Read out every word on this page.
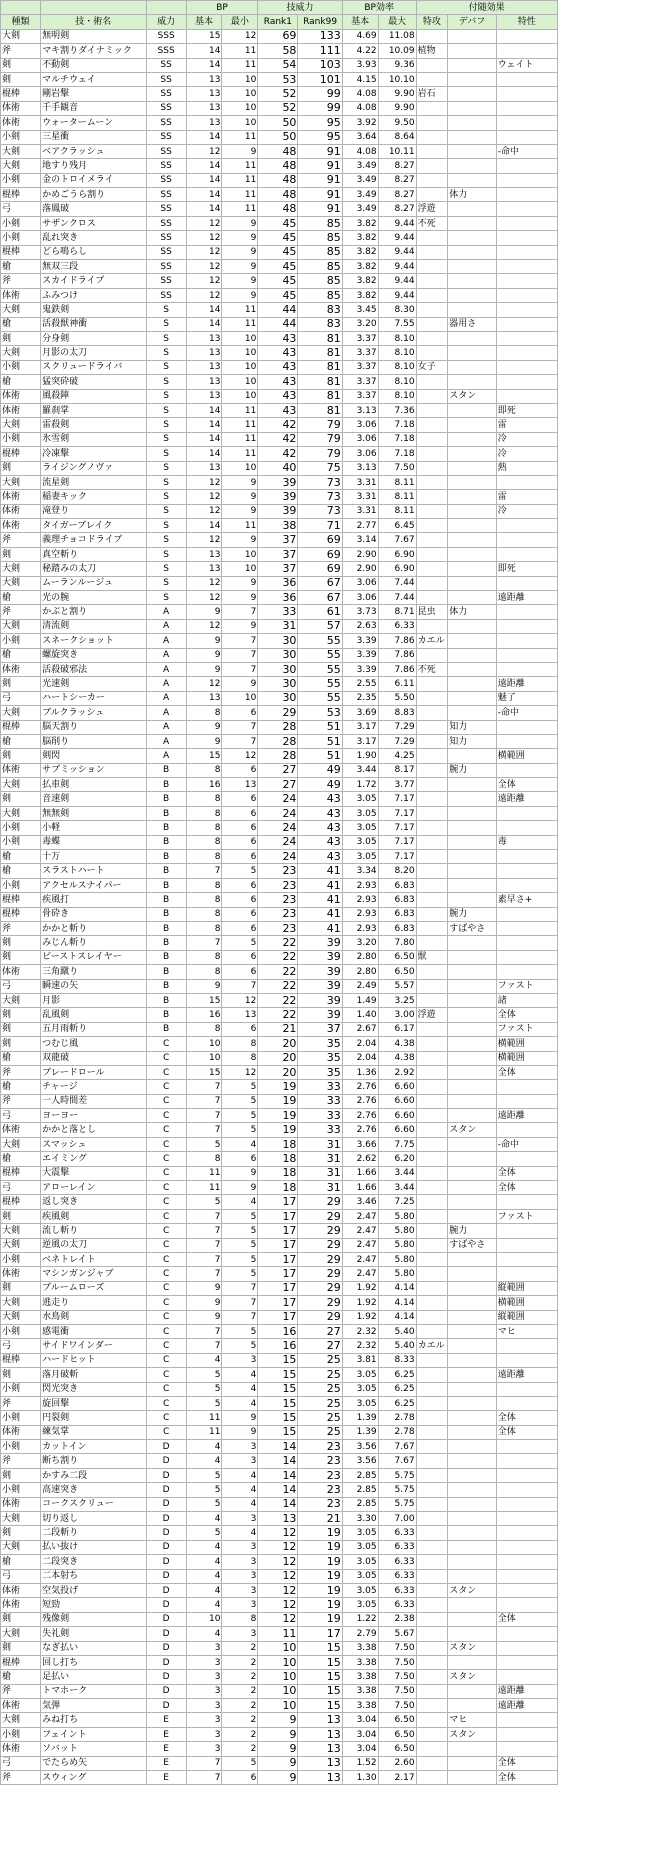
			BP		技威力		BP効率		付随効果		
種類	技・術名	威力	基本	最小	Rank1	Rank99	基本	最大	特攻	デバフ	特性
大剣	無明剣	SSS	15	12	69	133	4.69	11.08			
斧	マキ割りダイナミック	SSS	14	11	58	111	4.22	10.09	植物		
剣	不動剣	SS	14	11	54	103	3.93	9.36			ウェイト
剣	マルチウェイ	SS	13	10	53	101	4.15	10.10			
棍棒	剛岩撃	SS	13	10	52	99	4.08	9.90	岩石		
体術	千手観音	SS	13	10	52	99	4.08	9.90			
体術	ウォータームーン	SS	13	10	50	95	3.92	9.50			
小剣	三星衝	SS	14	11	50	95	3.64	8.64			
大剣	ベアクラッシュ	SS	12	9	48	91	4.08	10.11			-命中
大剣	地すり残月	SS	14	11	48	91	3.49	8.27			
小剣	金のトロイメライ	SS	14	11	48	91	3.49	8.27			
棍棒	かめごうら割り	SS	14	11	48	91	3.49	8.27		体力	
弓	落鳳破	SS	14	11	48	91	3.49	8.27	浮遊		
小剣	サザンクロス	SS	12	9	45	85	3.82	9.44	不死		
小剣	乱れ突き	SS	12	9	45	85	3.82	9.44			
棍棒	どら鳴らし	SS	12	9	45	85	3.82	9.44			
槍	無双三段	SS	12	9	45	85	3.82	9.44			
斧	スカイドライブ	SS	12	9	45	85	3.82	9.44			
体術	ふみつけ	SS	12	9	45	85	3.82	9.44			
大剣	鬼鉄剣	S	14	11	44	83	3.45	8.30			
槍	活殺獣神衝	S	14	11	44	83	3.20	7.55		器用さ	
剣	分身剣	S	13	10	43	81	3.37	8.10			
大剣	月影の太刀	S	13	10	43	81	3.37	8.10			
小剣	スクリュードライバ	S	13	10	43	81	3.37	8.10	女子		
槍	猛突砕破	S	13	10	43	81	3.37	8.10			
体術	風殺陣	S	13	10	43	81	3.37	8.10		スタン	
体術	羅刹掌	S	14	11	43	81	3.13	7.36			即死
大剣	雷殺剣	S	14	11	42	79	3.06	7.18			雷
小剣	氷雪剣	S	14	11	42	79	3.06	7.18			冷
棍棒	冷凍撃	S	14	11	42	79	3.06	7.18			冷
剣	ライジングノヴァ	S	13	10	40	75	3.13	7.50			熱
大剣	流星剣	S	12	9	39	73	3.31	8.11			
体術	稲妻キック	S	12	9	39	73	3.31	8.11			雷
体術	滝登り	S	12	9	39	73	3.31	8.11			冷
体術	タイガーブレイク	S	14	11	38	71	2.77	6.45			
斧	義理チョコドライブ	S	12	9	37	69	3.14	7.67			
剣	真空斬り	S	13	10	37	69	2.90	6.90			
大剣	秘踏みの太刀	S	13	10	37	69	2.90	6.90			即死
大剣	ムーランルージュ	S	12	9	36	67	3.06	7.44			
槍	光の腕	S	12	9	36	67	3.06	7.44			遠距離
斧	かぶと割り	A	9	7	33	61	3.73	8.71	昆虫	体力	
大剣	清流剣	A	12	9	31	57	2.63	6.33			
小剣	スネークショット	A	9	7	30	55	3.39	7.86	カエル		
槍	螺旋突き	A	9	7	30	55	3.39	7.86			
体術	活殺破邪法	A	9	7	30	55	3.39	7.86	不死		
剣	光速剣	A	12	9	30	55	2.55	6.11			遠距離
弓	ハートシーカー	A	13	10	30	55	2.35	5.50			魅了
大剣	ブルクラッシュ	A	8	6	29	53	3.69	8.83			-命中
棍棒	脳天割り	A	9	7	28	51	3.17	7.29		知力	
槍	脳削り	A	9	7	28	51	3.17	7.29		知力	
剣	剣閃	A	15	12	28	51	1.90	4.25			横範囲
体術	サブミッション	B	8	6	27	49	3.44	8.17		腕力	
大剣	払車剣	B	16	13	27	49	1.72	3.77			全体
剣	音速剣	B	8	6	24	43	3.05	7.17			遠距離
大剣	無無剣	B	8	6	24	43	3.05	7.17			
小剣	小軽	B	8	6	24	43	3.05	7.17			
小剣	毒蝶	B	8	6	24	43	3.05	7.17			毒
槍	十万	B	8	6	24	43	3.05	7.17			
槍	スラストハート	B	7	5	23	41	3.34	8.20			
小剣	アクセルスナイパー	B	8	6	23	41	2.93	6.83			
棍棒	疾風打	B	8	6	23	41	2.93	6.83			素早さ+
棍棒	骨砕き	B	8	6	23	41	2.93	6.83		腕力	
斧	かかと斬り	B	8	6	23	41	2.93	6.83		すばやさ	
剣	みじん斬り	B	7	5	22	39	3.20	7.80			
剣	ビーストスレイヤー	B	8	6	22	39	2.80	6.50	獣		
体術	三角蹴り	B	8	6	22	39	2.80	6.50			
弓	瞬速の矢	B	9	7	22	39	2.49	5.57			ファスト
大剣	月影	B	15	12	22	39	1.49	3.25			諸
剣	乱風剣	B	16	13	22	39	1.40	3.00	浮遊		全体
剣	五月雨斬り	B	8	6	21	37	2.67	6.17			ファスト
剣	つむじ風	C	10	8	20	35	2.04	4.38			横範囲
槍	双龍破	C	10	8	20	35	2.04	4.38			横範囲
斧	ブレードロール	C	15	12	20	35	1.36	2.92			全体
槍	チャージ	C	7	5	19	33	2.76	6.60			
斧	一人時間差	C	7	5	19	33	2.76	6.60			
弓	ヨーヨー	C	7	5	19	33	2.76	6.60			遠距離
体術	かかと落とし	C	7	5	19	33	2.76	6.60		スタン	
大剣	スマッシュ	C	5	4	18	31	3.66	7.75			-命中
槍	エイミング	C	8	6	18	31	2.62	6.20			
棍棒	大震撃	C	11	9	18	31	1.66	3.44			全体
弓	アローレイン	C	11	9	18	31	1.66	3.44			全体
棍棒	返し突き	C	5	4	17	29	3.46	7.25			
剣	疾風剣	C	7	5	17	29	2.47	5.80			ファスト
大剣	流し斬り	C	7	5	17	29	2.47	5.80		腕力	
大剣	逆風の太刀	C	7	5	17	29	2.47	5.80		すばやさ	
小剣	ベネトレイト	C	7	5	17	29	2.47	5.80			
体術	マシンガンジャブ	C	7	5	17	29	2.47	5.80			
剣	ブルームローズ	C	9	7	17	29	1.92	4.14			縦範囲
大剣	逃走り	C	9	7	17	29	1.92	4.14			横範囲
大剣	水鳥剣	C	9	7	17	29	1.92	4.14			縦範囲
小剣	感電衝	C	7	5	16	27	2.32	5.40			マヒ
弓	サイドワインダー	C	7	5	16	27	2.32	5.40	カエル		
棍棒	ハードヒット	C	4	3	15	25	3.81	8.33			
剣	落月破斬	C	5	4	15	25	3.05	6.25			遠距離
小剣	閃光突き	C	5	4	15	25	3.05	6.25			
斧	旋回撃	C	5	4	15	25	3.05	6.25			
小剣	円裂剣	C	11	9	15	25	1.39	2.78			全体
体術	練気掌	C	11	9	15	25	1.39	2.78			全体
小剣	カットイン	D	4	3	14	23	3.56	7.67			
斧	断ち割り	D	4	3	14	23	3.56	7.67			
剣	かすみ二段	D	5	4	14	23	2.85	5.75			
小剣	高速突き	D	5	4	14	23	2.85	5.75			
体術	コークスクリュー	D	5	4	14	23	2.85	5.75			
大剣	切り返し	D	4	3	13	21	3.30	7.00			
剣	二段斬り	D	5	4	12	19	3.05	6.33			
大剣	払い抜け	D	4	3	12	19	3.05	6.33			
槍	二段突き	D	4	3	12	19	3.05	6.33			
弓	二本射ち	D	4	3	12	19	3.05	6.33			
体術	空気投げ	D	4	3	12	19	3.05	6.33		スタン	
体術	短勁	D	4	3	12	19	3.05	6.33			
剣	残像剣	D	10	8	12	19	1.22	2.38			全体
大剣	失礼剣	D	4	3	11	17	2.79	5.67			
剣	なぎ払い	D	3	2	10	15	3.38	7.50		スタン	
棍棒	回し打ち	D	3	2	10	15	3.38	7.50			
槍	足払い	D	3	2	10	15	3.38	7.50		スタン	
斧	トマホーク	D	3	2	10	15	3.38	7.50			遠距離
体術	気弾	D	3	2	10	15	3.38	7.50			遠距離
大剣	みね打ち	E	3	2	9	13	3.04	6.50		マヒ	
小剣	フェイント	E	3	2	9	13	3.04	6.50		スタン	
体術	ソバット	E	3	2	9	13	3.04	6.50			
弓	でたらめ矢	E	7	5	9	13	1.52	2.60			全体
斧	スウィング	E	7	6	9	13	1.30	2.17			全体
